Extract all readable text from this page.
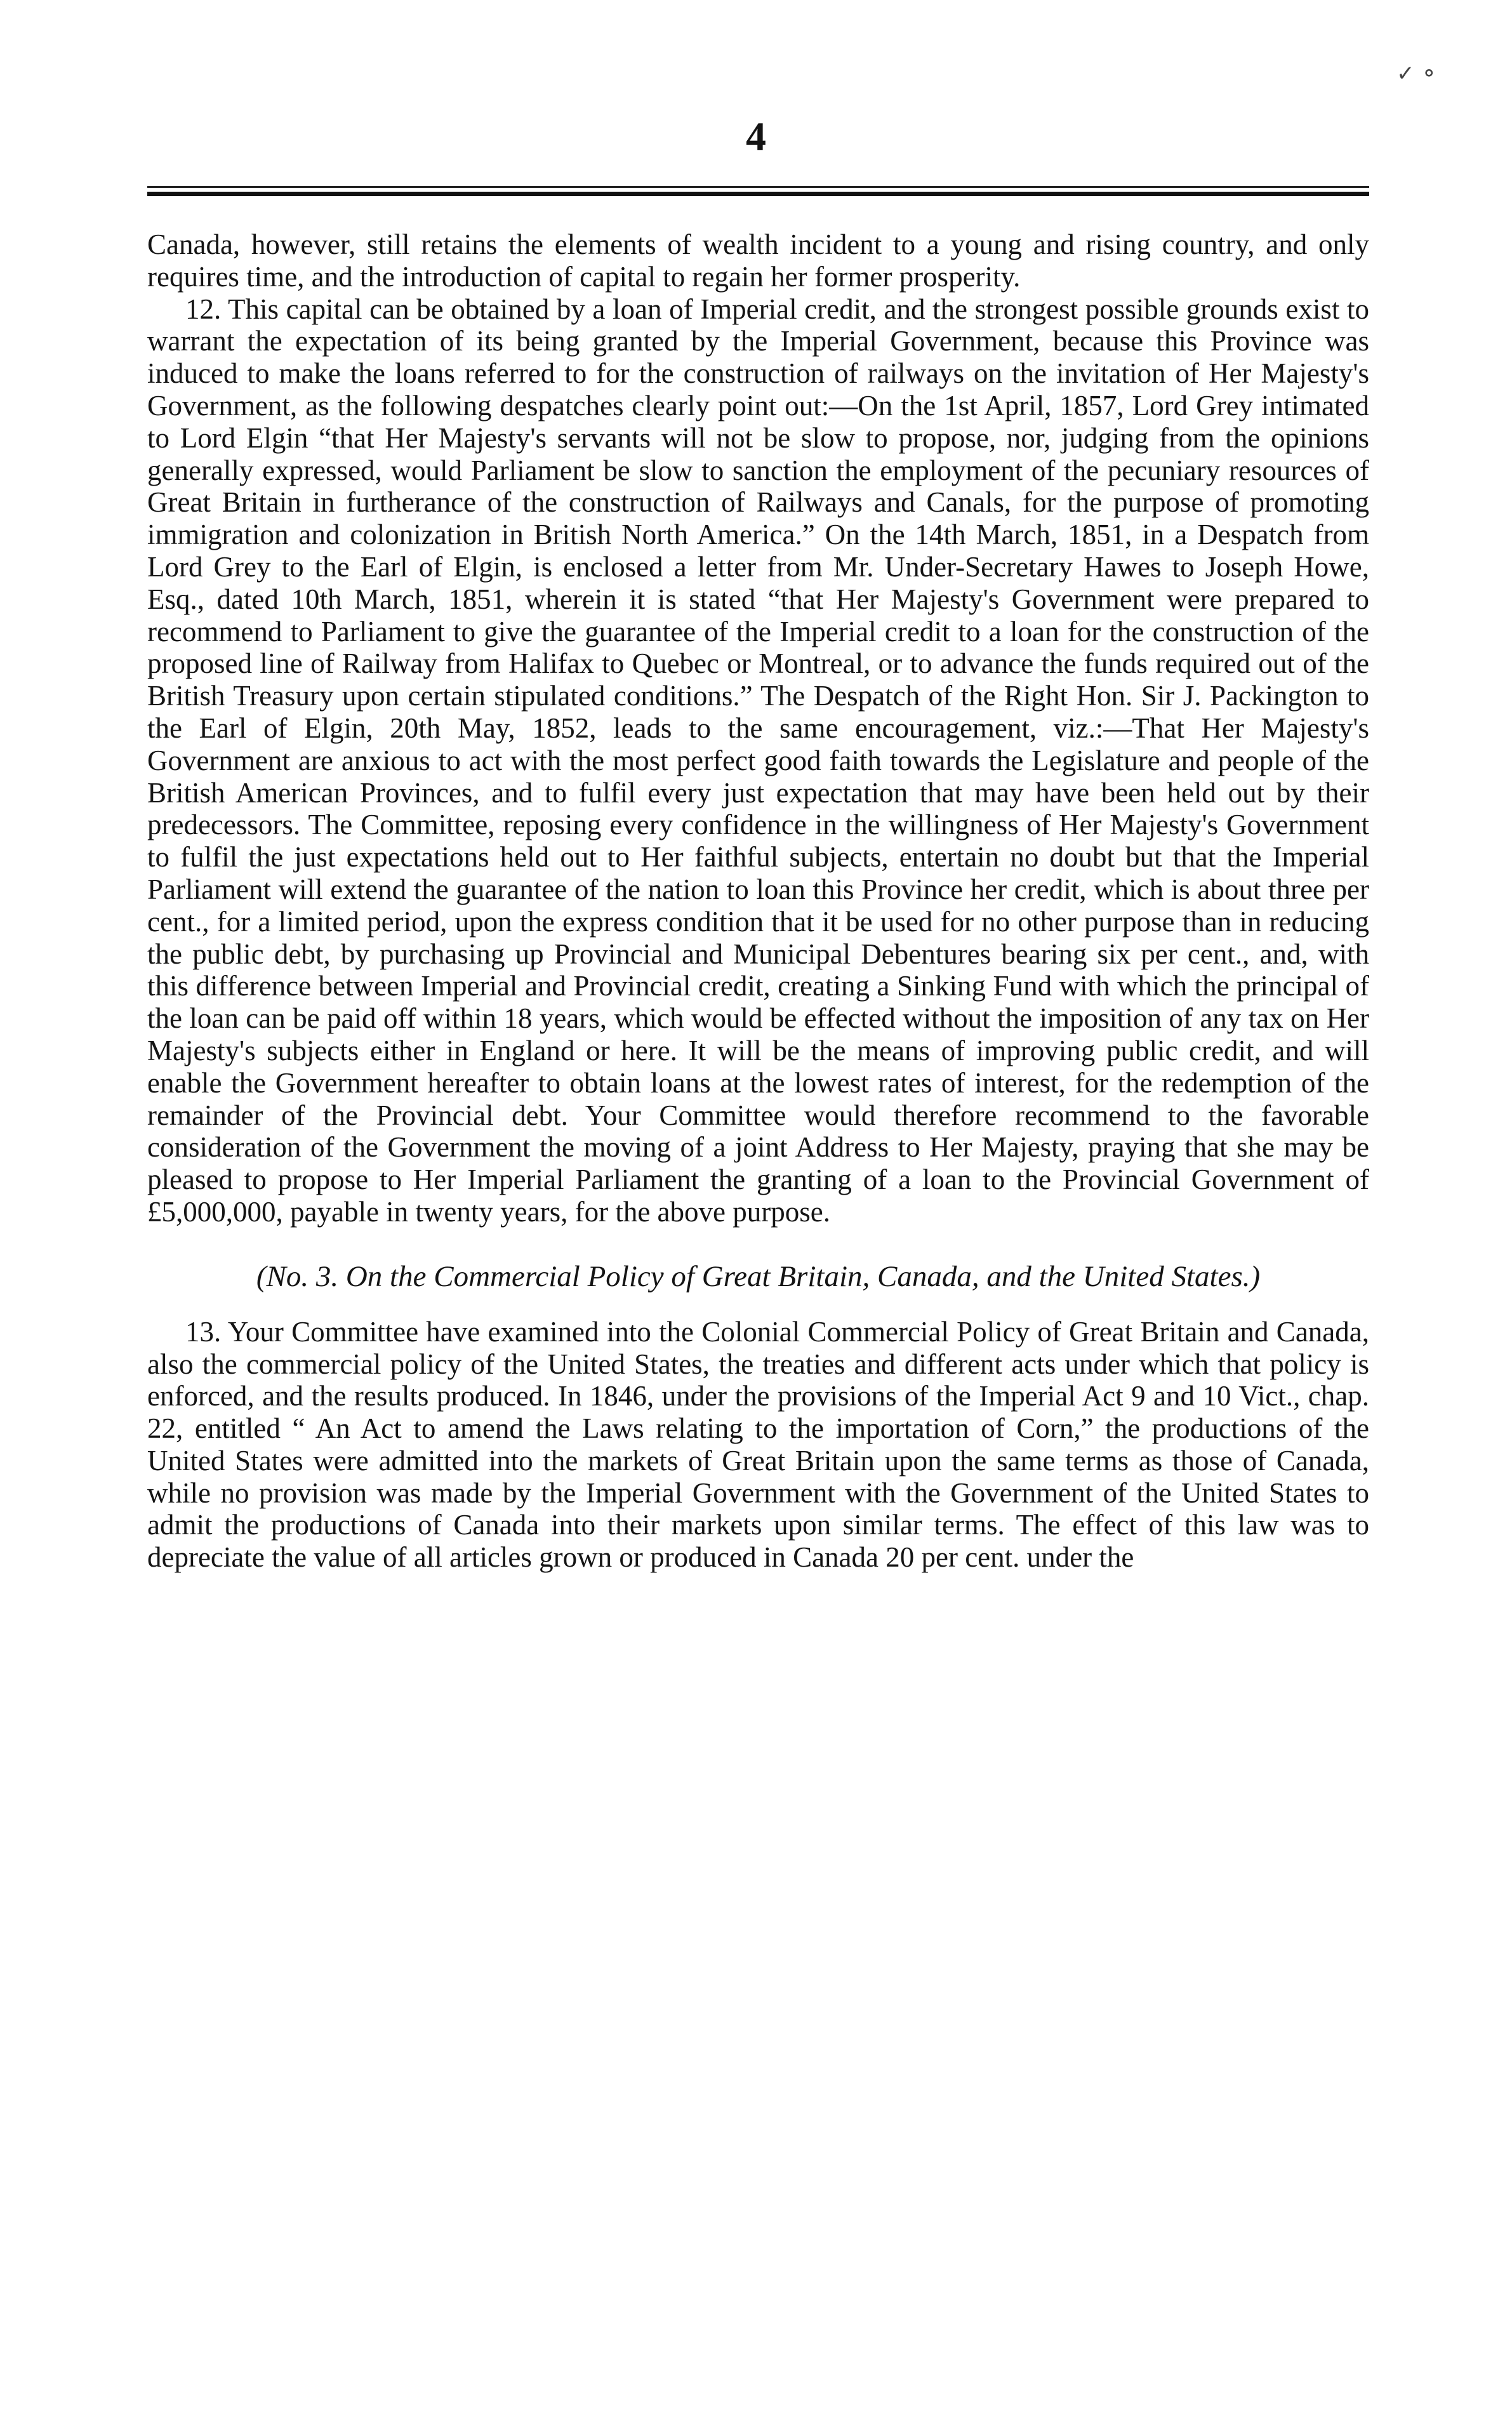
✓ ⚬
4

Canada, however, still retains the elements of wealth incident to a young and rising country, and only requires time, and the introduction of capital to regain her former prosperity.

12. This capital can be obtained by a loan of Imperial credit, and the strongest possible grounds exist to warrant the expectation of its being granted by the Imperial Government, because this Province was induced to make the loans referred to for the construction of railways on the invitation of Her Majesty's Government, as the following despatches clearly point out:—On the 1st April, 1857, Lord Grey intimated to Lord Elgin “that Her Majesty's servants will not be slow to propose, nor, judging from the opinions generally expressed, would Parliament be slow to sanction the employment of the pecuniary resources of Great Britain in furtherance of the construction of Railways and Canals, for the purpose of promoting immigration and colonization in British North America.” On the 14th March, 1851, in a Despatch from Lord Grey to the Earl of Elgin, is enclosed a letter from Mr. Under-Secretary Hawes to Joseph Howe, Esq., dated 10th March, 1851, wherein it is stated “that Her Majesty's Government were prepared to recommend to Parliament to give the guarantee of the Imperial credit to a loan for the construction of the proposed line of Railway from Halifax to Quebec or Montreal, or to advance the funds required out of the British Treasury upon certain stipulated conditions.” The Despatch of the Right Hon. Sir J. Packington to the Earl of Elgin, 20th May, 1852, leads to the same encouragement, viz.:—That Her Majesty's Government are anxious to act with the most perfect good faith towards the Legislature and people of the British American Provinces, and to fulfil every just expectation that may have been held out by their predecessors. The Committee, reposing every confidence in the willingness of Her Majesty's Government to fulfil the just expectations held out to Her faithful subjects, entertain no doubt but that the Imperial Parliament will extend the guarantee of the nation to loan this Province her credit, which is about three per cent., for a limited period, upon the express condition that it be used for no other purpose than in reducing the public debt, by purchasing up Provincial and Municipal Debentures bearing six per cent., and, with this difference between Imperial and Provincial credit, creating a Sinking Fund with which the principal of the loan can be paid off within 18 years, which would be effected without the imposition of any tax on Her Majesty's subjects either in England or here. It will be the means of improving public credit, and will enable the Government hereafter to obtain loans at the lowest rates of interest, for the redemption of the remainder of the Provincial debt. Your Committee would therefore recommend to the favorable consideration of the Government the moving of a joint Address to Her Majesty, praying that she may be pleased to propose to Her Imperial Parliament the granting of a loan to the Provincial Government of £5,000,000, payable in twenty years, for the above purpose.

(No. 3. On the Commercial Policy of Great Britain, Canada, and the United States.)

13. Your Committee have examined into the Colonial Commercial Policy of Great Britain and Canada, also the commercial policy of the United States, the treaties and different acts under which that policy is enforced, and the results produced. In 1846, under the provisions of the Imperial Act 9 and 10 Vict., chap. 22, entitled “ An Act to amend the Laws relating to the importation of Corn,” the productions of the United States were admitted into the markets of Great Britain upon the same terms as those of Canada, while no provision was made by the Imperial Government with the Government of the United States to admit the productions of Canada into their markets upon similar terms. The effect of this law was to depreciate the value of all articles grown or produced in Canada 20 per cent. under the
